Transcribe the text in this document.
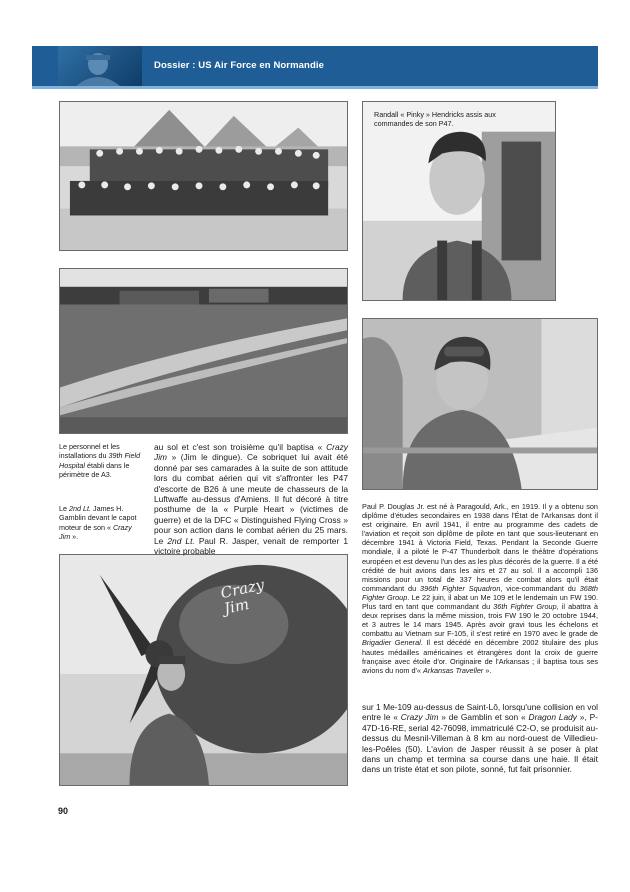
Dossier : US Air Force en Normandie
Randall « Pinky » Hendricks assis aux commandes de son P47.
Crazy Jim
Le personnel et les installations du 39th Field Hospital établi dans le périmètre de A3.
Le 2nd Lt. James H. Gamblin devant le capot moteur de son « Crazy Jim ».
au sol et c'est son troisième qu'il baptisa « Crazy Jim » (Jim le dingue). Ce sobriquet lui avait été donné par ses camarades à la suite de son attitude lors du combat aérien qui vit s'affronter les P47 d'escorte de B26 à une meute de chasseurs de la Luftwaffe au-dessus d'Amiens. Il fut décoré à titre posthume de la « Purple Heart » (victimes de guerre) et de la DFC « Distinguished Flying Cross » pour son action dans le combat aérien du 25 mars. Le 2nd Lt. Paul R. Jasper, venait de remporter 1 victoire probable
Paul P. Douglas Jr. est né à Paragould, Ark., en 1919. Il y a obtenu son diplôme d'études secondaires en 1938 dans l'État de l'Arkansas dont il est originaire. En avril 1941, il entre au programme des cadets de l'aviation et reçoit son diplôme de pilote en tant que sous-lieutenant en décembre 1941 à Victoria Field, Texas. Pendant la Seconde Guerre mondiale, il a piloté le P-47 Thunderbolt dans le théâtre d'opérations européen et est devenu l'un des as les plus décorés de la guerre. Il a été crédité de huit avions dans les airs et 27 au sol. Il a accompli 136 missions pour un total de 337 heures de combat alors qu'il était commandant du 396th Fighter Squadron, vice-commandant du 368th Fighter Group. Le 22 juin, il abat un Me 109 et le lendemain un FW 190. Plus tard en tant que commandant du 36th Fighter Group, il abattra à deux reprises dans la même mission, trois FW 190 le 20 octobre 1944, et 3 autres le 14 mars 1945. Après avoir gravi tous les échelons et combattu au Vietnam sur F-105, il s'est retiré en 1970 avec le grade de Brigadier General. Il est décédé en décembre 2002 titulaire des plus hautes médailles américaines et étrangères dont la croix de guerre française avec étoile d'or. Originaire de l'Arkansas ; il baptisa tous ses avions du nom d'« Arkansas Traveller ».
sur 1 Me-109 au-dessus de Saint-Lô, lorsqu'une collision en vol entre le « Crazy Jim » de Gamblin et son « Dragon Lady », P-47D-16-RE, serial 42-76098, immatriculé C2-O, se produisit au-dessus du Mesnil-Villeman à 8 km au nord-ouest de Villedieu-les-Poêles (50). L'avion de Jasper réussit à se poser à plat dans un champ et termina sa course dans une haie. Il était dans un triste état et son pilote, sonné, fut fait prisonnier.
90
